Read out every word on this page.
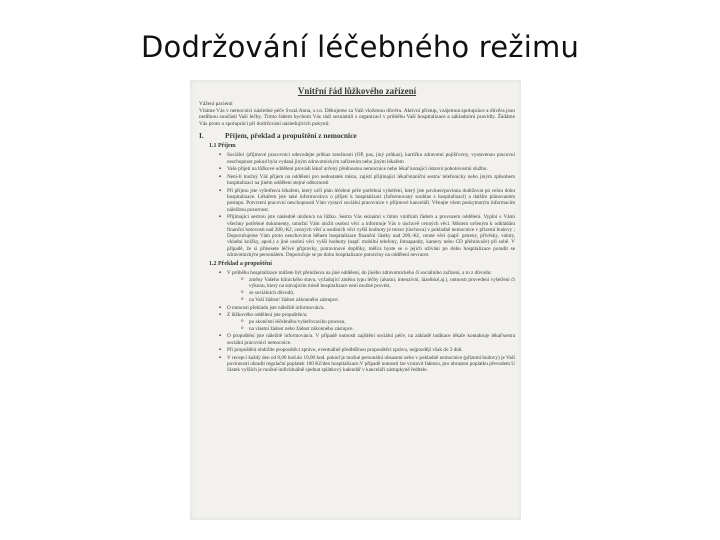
Dodržování léčebného režimu
Vnitřní řád lůžkového zařízení
Vážení pacienti
Vítáme Vás v nemocnici následné péče Svatá Anna, s.r.o. Děkujeme za Vaši vloženou důvěru. Aktivní přístup, vzájemná spolupráce a důvěra jsou nedílnou součástí Vaší léčby. Tímto řádem bychom Vás rádi seznámili s organizací v průběhu Vaší hospitalizace a základními pravidly. Žádáme Vás proto o spolupráci při dodržování následujících pokynů:
I.	Příjem, překlad a propuštění z nemocnice
1.1 Příjem
▪ Sociální /příjmové pracovnici odevzdejte průkaz totožnosti (OP, pas, jiný průkaz), kartičku zdravotní pojišťovny, vystavenou pracovní neschopnost pokud byla vydaná jiným zdravotnickým zařízením nebo jiným lékařem
▪ Vaše přijetí na lůžkové oddělení provádí lékař určený přednostou nemocnice nebo lékař konající ústavní pohotovostní službu.
▪ Není-li možný Váš příjem na oddělení pro nedostatek místa, zajistí přijímající lékař/staniční sestra/ telefonicky nebo jiným způsobem hospitalizaci na jiném oddělení stejné odbornosti
▪ Při příjmu jste vyšetřen/a lékařem, který určí plán léčebné péče potřebná vyšetření, který jste povinen/povinna dodržovat po celou dobu hospitalizace. Lékařem jste také informován/a o přijetí k hospitalizaci (Informovaný souhlas s hospitalizací) a dalším plánovaném postupu. Potvrzení pracovní neschopnosti Vám vystaví sociální pracovnice v příjmové kanceláři. Věnujte všem poskytnutým informacím náležitou pozornost.
▪ Přijímající sestrou jste následně uložen/a na lůžko. Sestra Vás seznámí s tímto vnitřním řádem a provozem oddělení. Vyplní s Vámi všechny potřebné dokumenty, umožní Vám uložit osobní věci a informuje Vás o úschově cenných věcí. Místem určeným k odkládání finanční hotovosti nad 200,-Kč, cenných věcí a osobních věcí vyšší hodnoty je trezor (úschova) v pokladně nemocnice v přízemí budovy ; Doporučujeme Vám proto neuchovávat během hospitalizace finanční částky nad 200,-Kč, cenné věci (např. prsteny, přívěsky, valuty, vkladní knížky, apod.) a jiné osobní věci vyšší hodnoty (např. mobilní telefony, fotoaparáty, kamery nebo CD přehrávače) při sobě. V případě, že si přinesete léčivé přípravky, potravinové doplňky, měli/a byste se o jejich užívání po dobu hospitalizace poradit se zdravotnickým personálem. Doporučuje se po dobu hospitalizace potraviny na oddělení nevracet.
1.2 Překlad a propuštění
▪ V průběhu hospitalizace můžete být přeložen/a na jiné oddělení, do jiného zdravotnického či sociálního zařízení, a to z důvodu:
o změny Vašeho klinického stavu, vyžadující změnu typu léčby (akutní, intenzivní, lázeňské,aj.), nutnosti provedení vyšetření či výkonu, který na stávajícím místě hospitalizace není možné provést,
o ze sociálních důvodů,
o na Vaši žádost/ žádost zákonného zástupce.
▪ O nutnosti překladu jste náležitě informován/a.
▪ Z lůžkového oddělení jste propuštěn/a:
o po skončení léčebného/vyšetřovacího procesu,
o na vlastní žádost nebo žádost zákonného zástupce.
▪ O propuštění jste náležitě informován/a. V případě nutnosti zajištění sociální péče, na základě indikace lékaře kontaktuje lékař/sestra sociální pracovnici nemocnice.
▪ Při propuštění obdržíte propouštěcí zprávu, eventuálně předběžnou propouštěcí zprávu, nejpozději však do 3 dnů.
▪ V recepci každý den od 8,00 hod.do 19,00 hod. pokud je možné personální obsazení nebo v pokladně nemocnice (přízemí budovy) je Vaší povinností uhradit regulační poplatek 100 Kč/den hospitalizace.V případě nutnosti lze vystavit fakturu, pro uhrazení poplatku převodem.U částek vyšších je možné individuálně sjednat splátkový kalendář v kanceláři zástupkyně ředitele.
